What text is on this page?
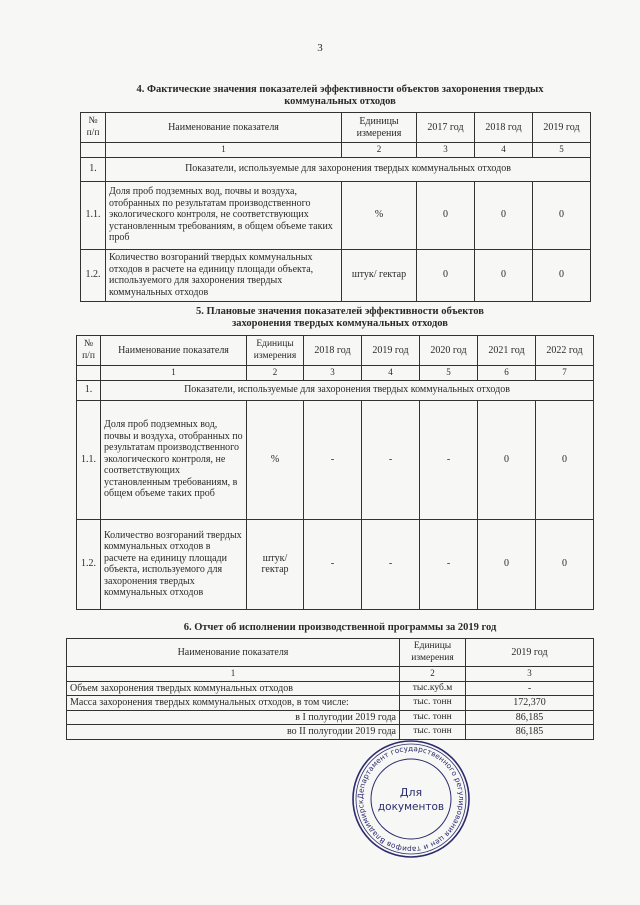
3
4. Фактические значения показателей эффективности объектов захоронения твердых
коммунальных отходов
№ п/п	Наименование показателя	Единицы измерения	2017 год	2018 год	2019 год
	1	2	3	4	5
1.	Показатели, используемые для захоронения твердых коммунальных отходов				
1.1.	Доля проб подземных вод, почвы и воздуха, отобранных по результатам производственного экологического контроля, не соответствующих установленным требованиям, в общем объеме таких проб	%	0	0	0
1.2.	Количество возгораний твердых коммунальных отходов в расчете на единицу площади объекта, используемого для захоронения твердых коммунальных отходов	штук/ гектар	0	0	0
5. Плановые значения показателей эффективности объектов
захоронения твердых коммунальных отходов
№ п/п	Наименование показателя	Единицы измерения	2018 год	2019 год	2020 год	2021 год	2022 год
	1	2	3	4	5	6	7
1.	Показатели, используемые для захоронения твердых коммунальных отходов						
1.1.	Доля проб подземных вод, почвы и воздуха, отобранных по результатам производственного экологического контроля, не соответствующих установленным требованиям, в общем объеме таких проб	%	-	-	-	0	0
1.2.	Количество возгораний твердых коммунальных отходов в расчете на единицу площади объекта, используемого для захоронения твердых коммунальных отходов	штук/ гектар	-	-	-	0	0
6. Отчет об исполнении производственной программы за 2019 год
Наименование показателя	Единицы измерения	2019 год
1	2	3
Объем захоронения твердых коммунальных отходов	тыс.куб.м	-
Масса захоронения твердых коммунальных отходов, в том числе:	тыс. тонн	172,370
в I полугодии 2019 года	тыс. тонн	86,185
во II полугодии 2019 года	тыс. тонн	86,185
Департамент государственного регулирования цен и тарифов Владимирск
Для
документов
